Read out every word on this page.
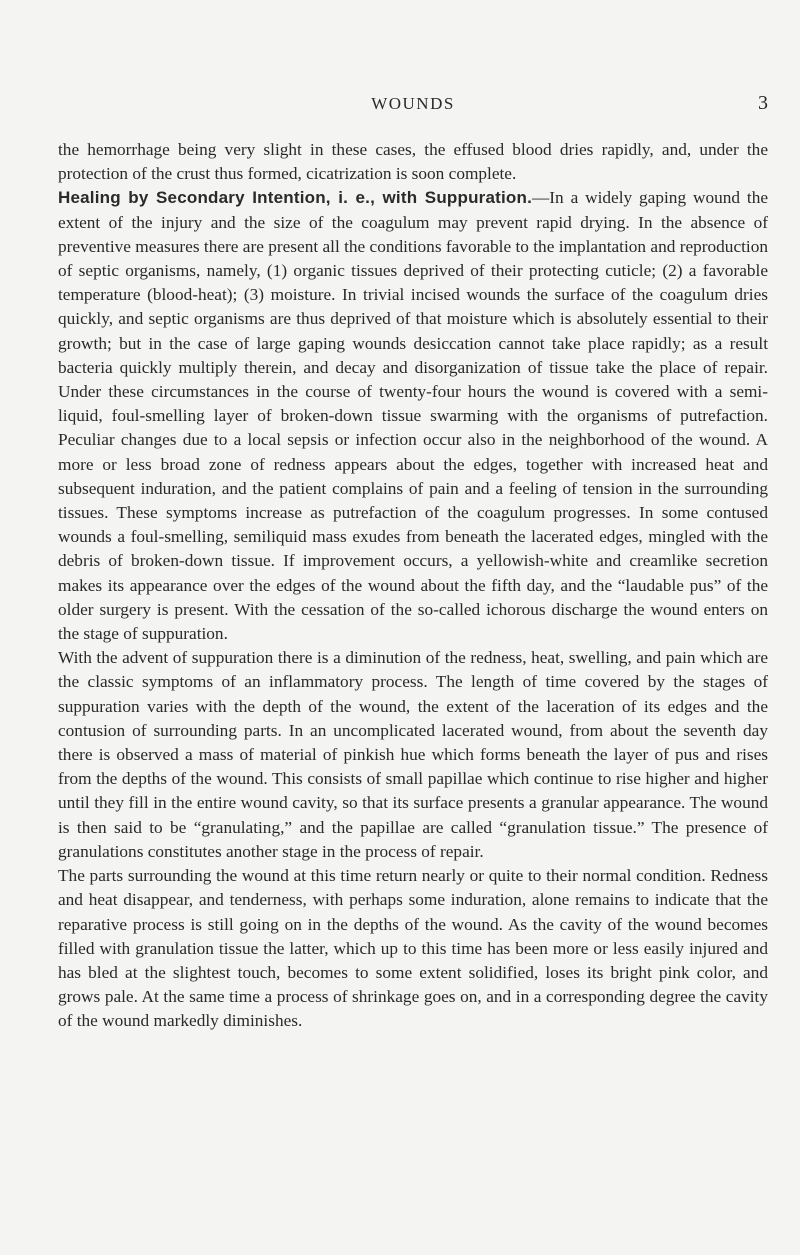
WOUNDS	3

the hemorrhage being very slight in these cases, the effused blood dries rapidly, and, under the protection of the crust thus formed, cicatrization is soon complete.

Healing by Secondary Intention, i. e., with Suppuration.—In a widely gaping wound the extent of the injury and the size of the coagulum may prevent rapid drying. In the absence of preventive measures there are present all the conditions favorable to the implantation and reproduction of septic organisms, namely, (1) organic tissues deprived of their protecting cuticle; (2) a favorable temperature (blood-heat); (3) moisture. In trivial incised wounds the surface of the coagulum dries quickly, and septic organisms are thus deprived of that moisture which is absolutely essential to their growth; but in the case of large gaping wounds desiccation cannot take place rapidly; as a result bacteria quickly multiply therein, and decay and disorganization of tissue take the place of repair. Under these circumstances in the course of twenty-four hours the wound is covered with a semi-liquid, foul-smelling layer of broken-down tissue swarming with the organisms of putrefaction. Peculiar changes due to a local sepsis or infection occur also in the neighborhood of the wound. A more or less broad zone of redness appears about the edges, together with increased heat and subsequent induration, and the patient complains of pain and a feeling of tension in the surrounding tissues. These symptoms increase as putrefaction of the coagulum progresses. In some contused wounds a foul-smelling, semiliquid mass exudes from beneath the lacerated edges, mingled with the debris of broken-down tissue. If improvement occurs, a yellowish-white and creamlike secretion makes its appearance over the edges of the wound about the fifth day, and the “laudable pus” of the older surgery is present. With the cessation of the so-called ichorous discharge the wound enters on the stage of suppuration.

With the advent of suppuration there is a diminution of the redness, heat, swelling, and pain which are the classic symptoms of an inflammatory process. The length of time covered by the stages of suppuration varies with the depth of the wound, the extent of the laceration of its edges and the contusion of surrounding parts. In an uncomplicated lacerated wound, from about the seventh day there is observed a mass of material of pinkish hue which forms beneath the layer of pus and rises from the depths of the wound. This consists of small papillae which continue to rise higher and higher until they fill in the entire wound cavity, so that its surface presents a granular appearance. The wound is then said to be “granulating,” and the papillae are called “granulation tissue.” The presence of granulations constitutes another stage in the process of repair.

The parts surrounding the wound at this time return nearly or quite to their normal condition. Redness and heat disappear, and tenderness, with perhaps some induration, alone remains to indicate that the reparative process is still going on in the depths of the wound. As the cavity of the wound becomes filled with granulation tissue the latter, which up to this time has been more or less easily injured and has bled at the slightest touch, becomes to some extent solidified, loses its bright pink color, and grows pale. At the same time a process of shrinkage goes on, and in a corresponding degree the cavity of the wound markedly diminishes.
